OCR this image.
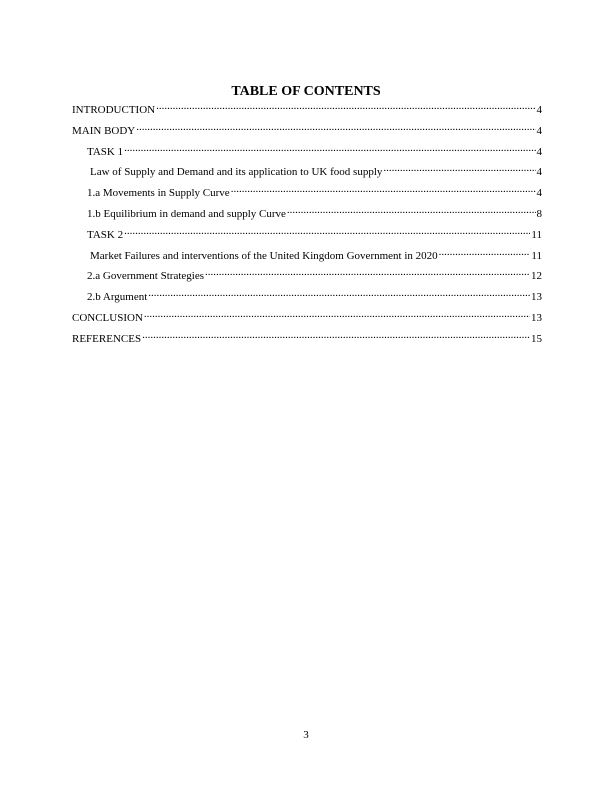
TABLE OF CONTENTS
INTRODUCTION .....	4
MAIN BODY .....	4
TASK 1 .....	4
Law of Supply and Demand and its application to UK food supply .....	4
1.a Movements in Supply Curve .....	4
1.b Equilibrium in demand and supply Curve .....	8
TASK 2 .....	11
Market Failures and interventions of the United Kingdom Government in 2020 .....	11
2.a Government Strategies .....	12
2.b Argument .....	13
CONCLUSION .....	13
REFERENCES .....	15
3
